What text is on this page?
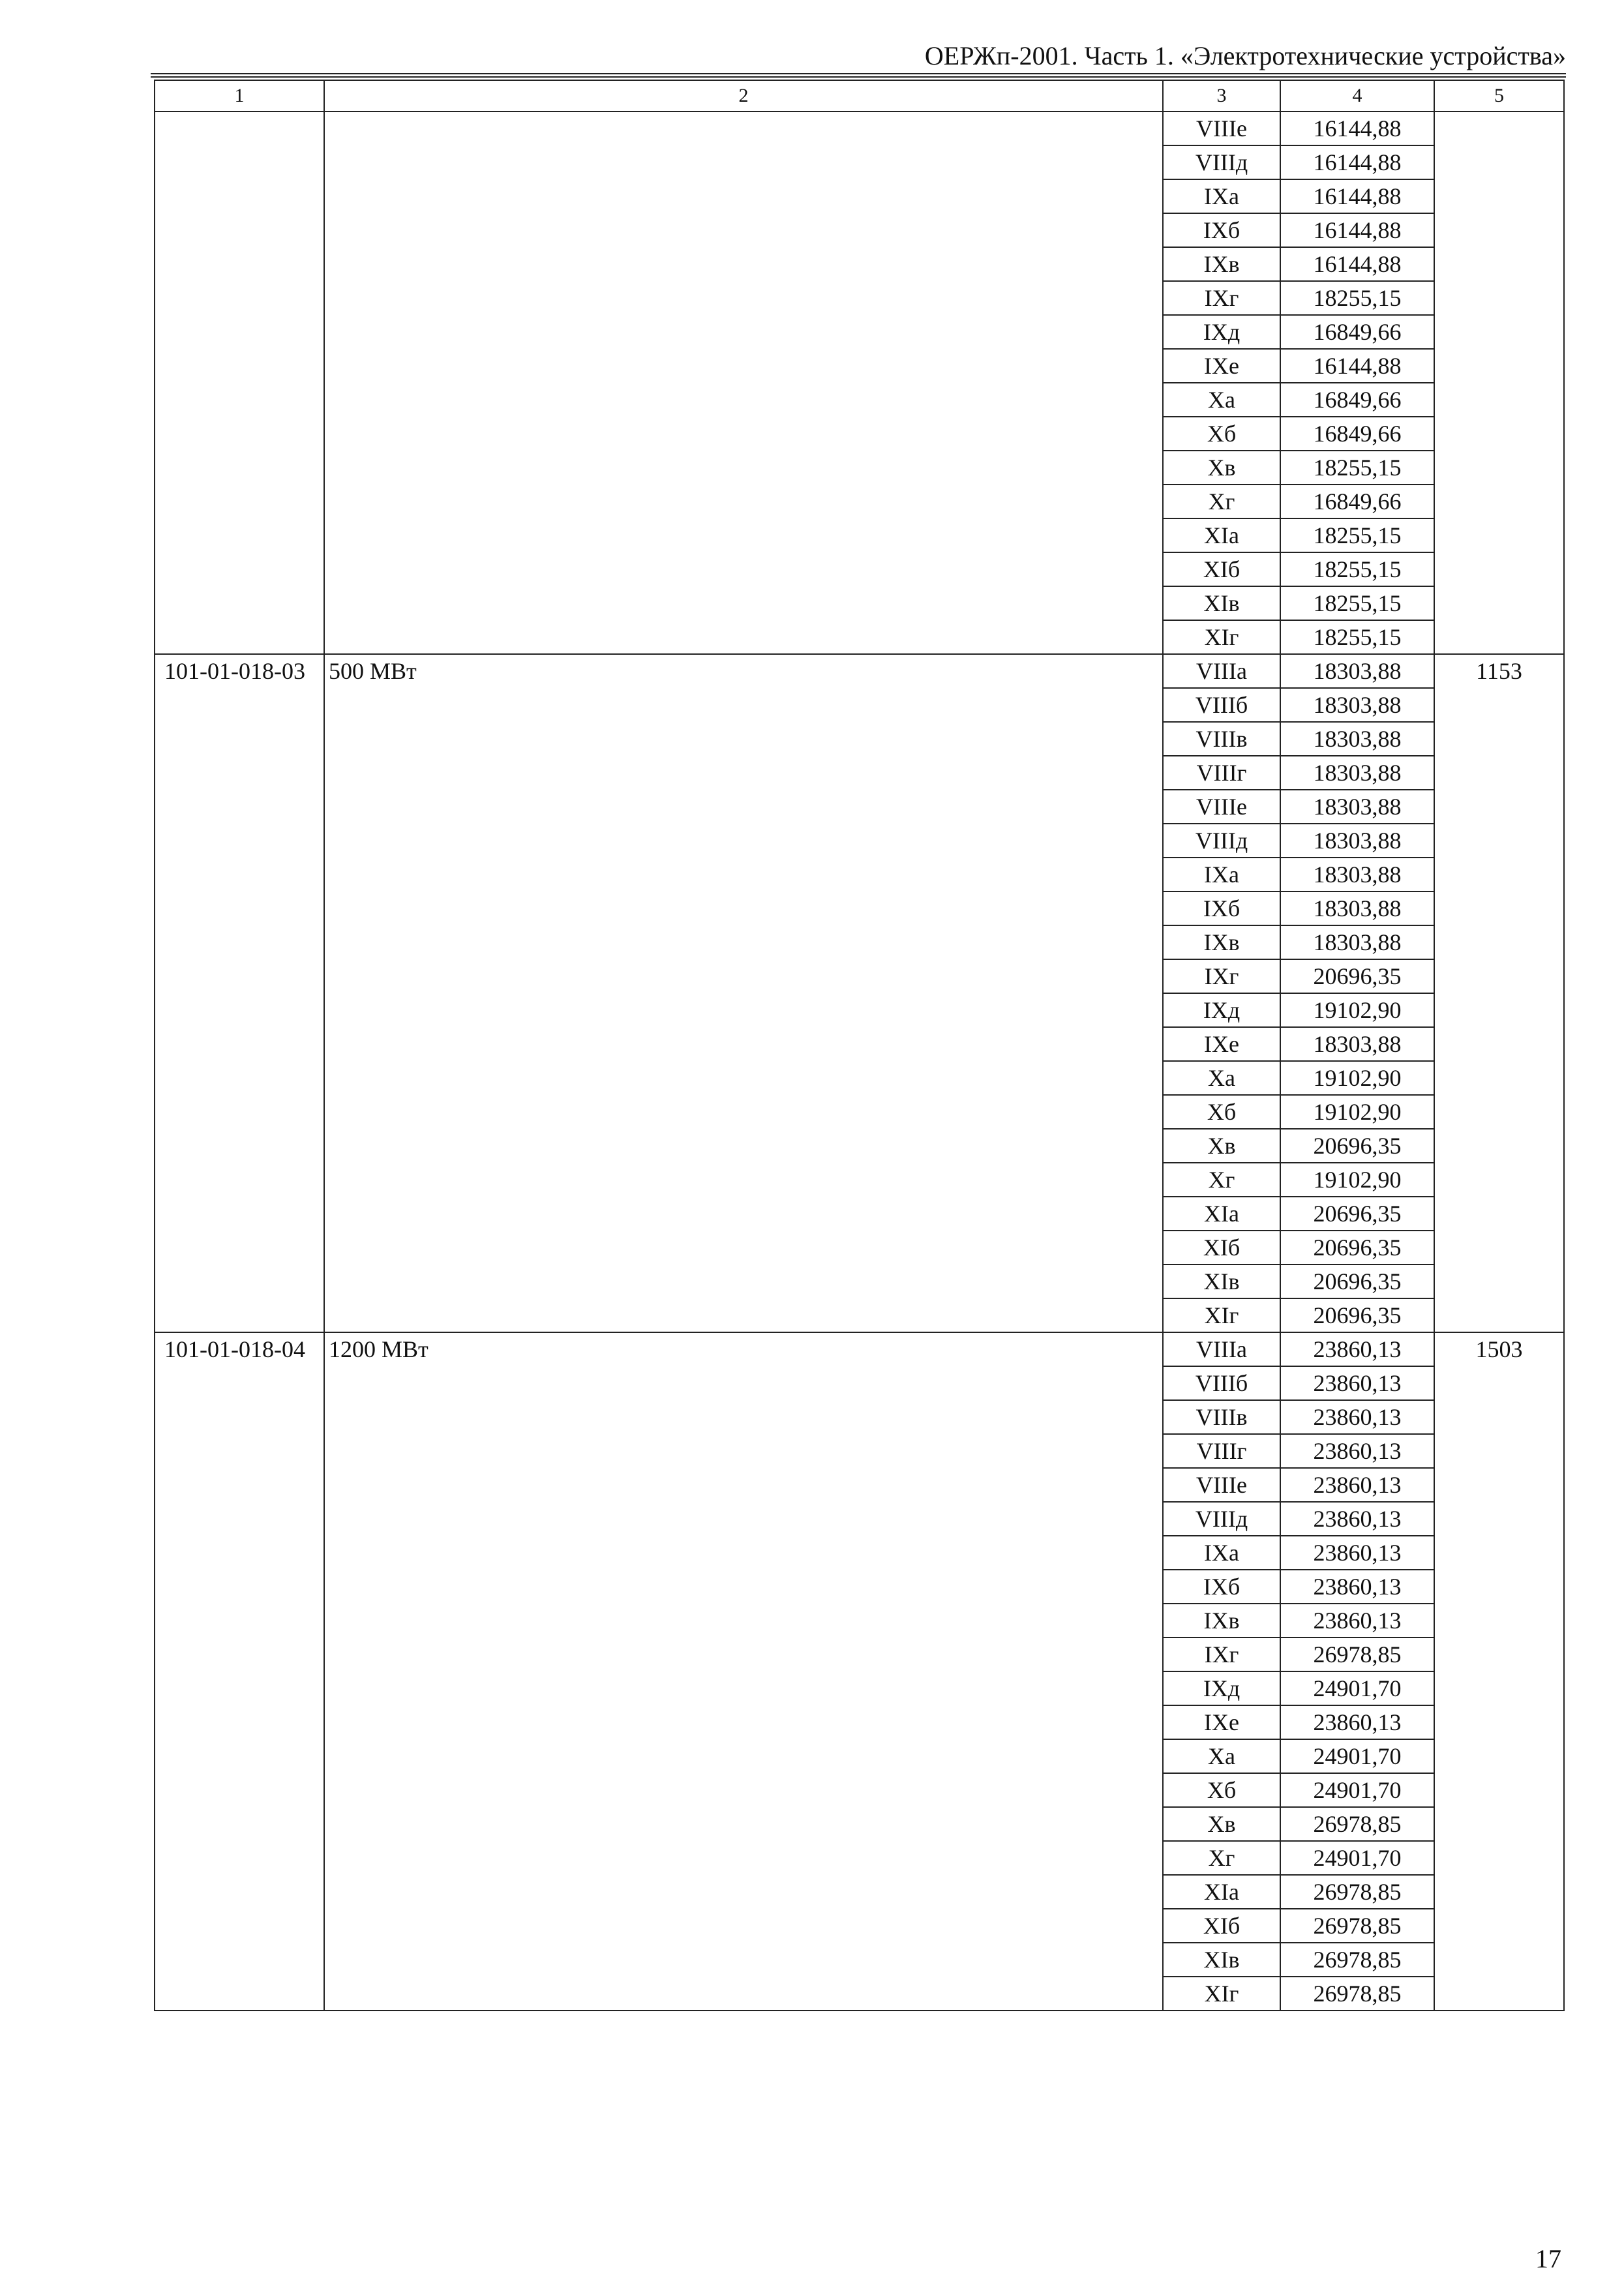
ОЕРЖп-2001. Часть 1. «Электротехнические устройства»
1	2	3	4	5
		VIIIе	16144,88	
		VIIIд	16144,88	
		IXа	16144,88	
		IXб	16144,88	
		IXв	16144,88	
		IXг	18255,15	
		IXд	16849,66	
		IXе	16144,88	
		Xа	16849,66	
		Xб	16849,66	
		Xв	18255,15	
		Xг	16849,66	
		XIа	18255,15	
		XIб	18255,15	
		XIв	18255,15	
		XIг	18255,15	
101-01-018-03	500 МВт	VIIIа	18303,88	1153
		VIIIб	18303,88	
		VIIIв	18303,88	
		VIIIг	18303,88	
		VIIIе	18303,88	
		VIIIд	18303,88	
		IXа	18303,88	
		IXб	18303,88	
		IXв	18303,88	
		IXг	20696,35	
		IXд	19102,90	
		IXе	18303,88	
		Xа	19102,90	
		Xб	19102,90	
		Xв	20696,35	
		Xг	19102,90	
		XIа	20696,35	
		XIб	20696,35	
		XIв	20696,35	
		XIг	20696,35	
101-01-018-04	1200 МВт	VIIIа	23860,13	1503
		VIIIб	23860,13	
		VIIIв	23860,13	
		VIIIг	23860,13	
		VIIIе	23860,13	
		VIIIд	23860,13	
		IXа	23860,13	
		IXб	23860,13	
		IXв	23860,13	
		IXг	26978,85	
		IXд	24901,70	
		IXе	23860,13	
		Xа	24901,70	
		Xб	24901,70	
		Xв	26978,85	
		Xг	24901,70	
		XIа	26978,85	
		XIб	26978,85	
		XIв	26978,85	
		XIг	26978,85	
17
